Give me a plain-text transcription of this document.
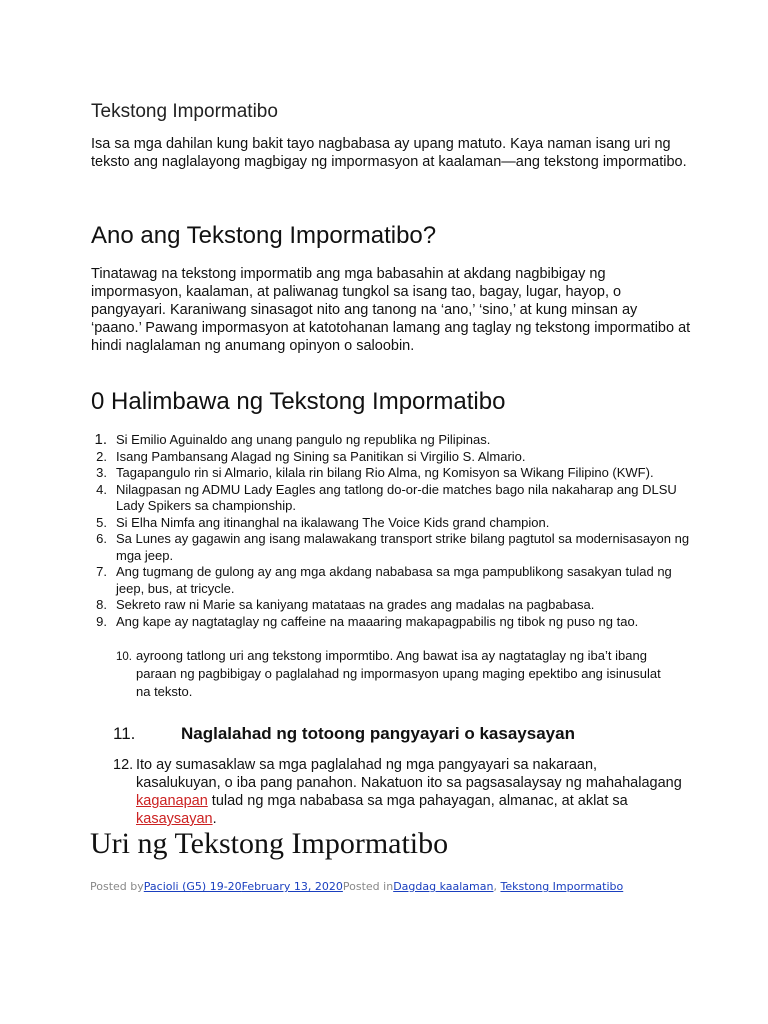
Tekstong Impormatibo

Isa sa mga dahilan kung bakit tayo nagbabasa ay upang matuto. Kaya naman isang uri ng teksto ang naglalayong magbigay ng impormasyon at kaalaman—ang tekstong impormatibo.

Ano ang Tekstong Impormatibo?

Tinatawag na tekstong impormatib ang mga babasahin at akdang nagbibigay ng impormasyon, kaalaman, at paliwanag tungkol sa isang tao, bagay, lugar, hayop, o pangyayari. Karaniwang sinasagot nito ang tanong na ‘ano,’ ‘sino,’ at kung minsan ay ‘paano.’ Pawang impormasyon at katotohanan lamang ang taglay ng tekstong impormatibo at hindi naglalaman ng anumang opinyon o saloobin.

0 Halimbawa ng Tekstong Impormatibo
1. Si Emilio Aguinaldo ang unang pangulo ng republika ng Pilipinas.
2. Isang Pambansang Alagad ng Sining sa Panitikan si Virgilio S. Almario.
3. Tagapangulo rin si Almario, kilala rin bilang Rio Alma, ng Komisyon sa Wikang Filipino (KWF).
4. Nilagpasan ng ADMU Lady Eagles ang tatlong do-or-die matches bago nila nakaharap ang DLSU Lady Spikers sa championship.
5. Si Elha Nimfa ang itinanghal na ikalawang The Voice Kids grand champion.
6. Sa Lunes ay gagawin ang isang malawakang transport strike bilang pagtutol sa modernisasayon ng mga jeep.
7. Ang tugmang de gulong ay ang mga akdang nababasa sa mga pampublikong sasakyan tulad ng jeep, bus, at tricycle.
8. Sekreto raw ni Marie sa kaniyang matataas na grades ang madalas na pagbabasa.
9. Ang kape ay nagtataglay ng caffeine na maaaring makapagpabilis ng tibok ng puso ng tao.
10. ayroong tatlong uri ang tekstong impormtibo. Ang bawat isa ay nagtataglay ng iba’t ibang paraan ng pagbibigay o paglalahad ng impormasyon upang maging epektibo ang isinusulat na teksto.
11.	Naglalahad ng totoong pangyayari o kasaysayan
12. Ito ay sumasaklaw sa mga paglalahad ng mga pangyayari sa nakaraan, kasalukuyan, o iba pang panahon. Nakatuon ito sa pagsasalaysay ng mahahalagang kaganapan tulad ng mga nababasa sa mga pahayagan, almanac, at aklat sa kasaysayan.
Uri ng Tekstong Impormatibo
Posted byPacioli (G5) 19-20February 13, 2020Posted inDagdag kaalaman, Tekstong Impormatibo
